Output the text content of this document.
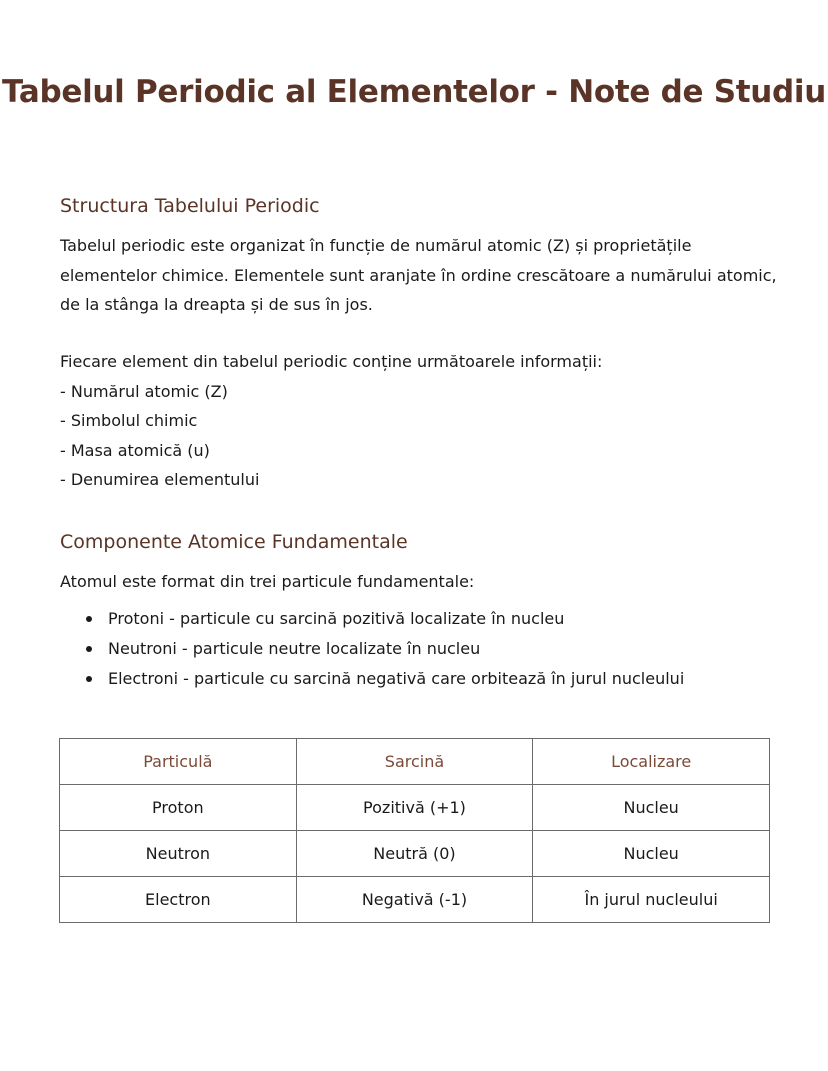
Tabelul Periodic al Elementelor - Note de Studiu
Structura Tabelului Periodic

Tabelul periodic este organizat în funcție de numărul atomic (Z) și proprietățile

elementelor chimice. Elementele sunt aranjate în ordine crescătoare a numărului atomic,

de la stânga la dreapta și de sus în jos.

Fiecare element din tabelul periodic conține următoarele informații:

- Numărul atomic (Z)

- Simbolul chimic

- Masa atomică (u)

- Denumirea elementului

Componente Atomice Fundamentale

Atomul este format din trei particule fundamentale:

Protoni - particule cu sarcină pozitivă localizate în nucleu
Neutroni - particule neutre localizate în nucleu
Electroni - particule cu sarcină negativă care orbitează în jurul nucleului
Particulă	Sarcină	Localizare
Proton	Pozitivă (+1)	Nucleu
Neutron	Neutră (0)	Nucleu
Electron	Negativă (-1)	În jurul nucleului
